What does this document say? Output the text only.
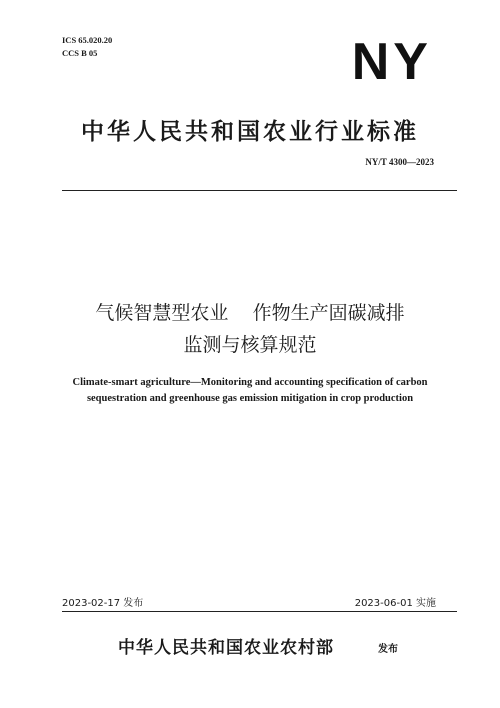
ICS 65.020.20
CCS B 05	NY
中华人民共和国农业行业标准
NY/T 4300—2023
气候智慧型农业    作物生产固碳减排
监测与核算规范
Climate-smart agriculture—Monitoring and accounting specification of carbon
sequestration and greenhouse gas emission mitigation in crop production
2023-02-17 发布	2023-06-01 实施
中华人民共和国农业农村部	发布
